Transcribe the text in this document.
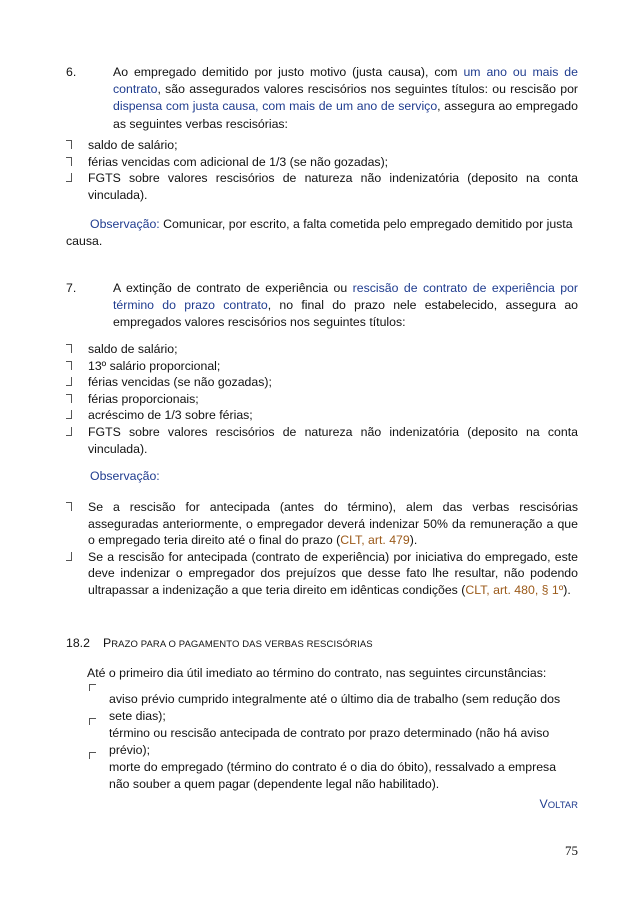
6.	Ao empregado demitido por justo motivo (justa causa), com um ano ou mais de contrato, são assegurados valores rescisórios nos seguintes títulos: ou rescisão por dispensa com justa causa, com mais de um ano de serviço, assegura ao empregado as seguintes verbas rescisórias:
saldo de salário;
férias vencidas com adicional de 1/3 (se não gozadas);
FGTS sobre valores rescisórios de natureza não indenizatória (deposito na conta vinculada).
Observação: Comunicar, por escrito, a falta cometida pelo empregado demitido por justa causa.
7.	A extinção de contrato de experiência ou rescisão de contrato de experiência por término do prazo contrato, no final do prazo nele estabelecido, assegura ao empregados valores rescisórios nos seguintes títulos:
saldo de salário;
13º salário proporcional;
férias vencidas (se não gozadas);
férias proporcionais;
acréscimo de 1/3 sobre férias;
FGTS sobre valores rescisórios de natureza não indenizatória (deposito na conta vinculada).
Observação:
Se a rescisão for antecipada (antes do término), alem das verbas rescisórias asseguradas anteriormente, o empregador deverá indenizar 50% da remuneração a que o empregado teria direito até o final do prazo (CLT, art. 479).
Se a rescisão for antecipada (contrato de experiência) por iniciativa do empregado, este deve indenizar o empregador dos prejuízos que desse fato lhe resultar, não podendo ultrapassar a indenização a que teria direito em idênticas condições (CLT, art. 480, § 1º).
18.2 PRAZO PARA O PAGAMENTO DAS VERBAS RESCISÓRIAS
Até o primeiro dia útil imediato ao término do contrato, nas seguintes circunstâncias:
aviso prévio cumprido integralmente até o último dia de trabalho (sem redução dos sete dias);
término ou rescisão antecipada de contrato por prazo determinado (não há aviso prévio);
morte do empregado (término do contrato é o dia do óbito), ressalvado a empresa não souber a quem pagar (dependente legal não habilitado).
VOLTAR
75
